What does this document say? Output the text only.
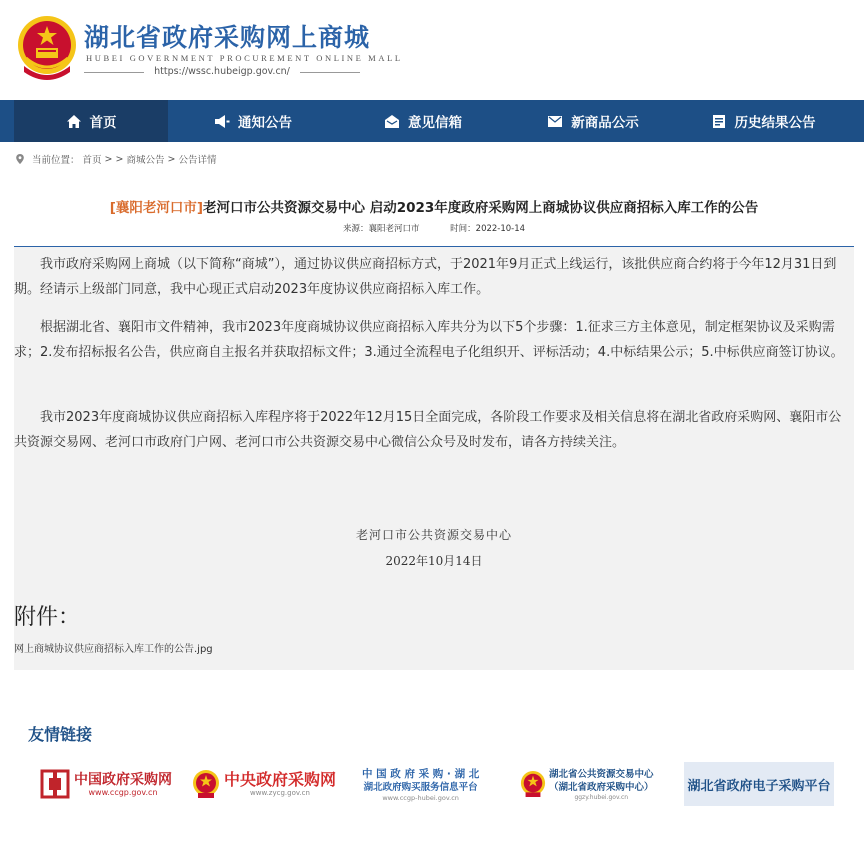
湖北省政府采购网上商城
HUBEI GOVERNMENT PROCUREMENT ONLINE MALL
https://wssc.hubeigp.gov.cn/
首页	通知公告	意见信箱	新商品公示	历史结果公告
当前位置： 首页 > > 商城公告 > 公告详情
[襄阳老河口市]老河口市公共资源交易中心 启动2023年度政府采购网上商城协议供应商招标入库工作的公告
来源：襄阳老河口市	时间：2022-10-14

我市政府采购网上商城（以下简称“商城”），通过协议供应商招标方式，于2021年9月正式上线运行，该批供应商合约将于今年12月31日到期。经请示上级部门同意，我中心现正式启动2023年度协议供应商招标入库工作。

根据湖北省、襄阳市文件精神，我市2023年度商城协议供应商招标入库共分为以下5个步骤：1.征求三方主体意见，制定框架协议及采购需求；2.发布招标报名公告，供应商自主报名并获取招标文件；3.通过全流程电子化组织开、评标活动；4.中标结果公示；5.中标供应商签订协议。

我市2023年度商城协议供应商招标入库程序将于2022年12月15日全面完成，各阶段工作要求及相关信息将在湖北省政府采购网、襄阳市公共资源交易网、老河口市政府门户网、老河口市公共资源交易中心微信公众号及时发布，请各方持续关注。

老河口市公共资源交易中心
2022年10月14日
附件：
网上商城协议供应商招标入库工作的公告.jpg
友情链接
中国政府采购网
www.ccgp.gov.cn
中央政府采购网
www.zycg.gov.cn
中 国 政 府 采 购 · 湖 北
湖北政府购买服务信息平台
www.ccgp-hubei.gov.cn
湖北省公共资源交易中心
（湖北省政府采购中心）
ggzy.hubei.gov.cn
湖北省政府电子采购平台
